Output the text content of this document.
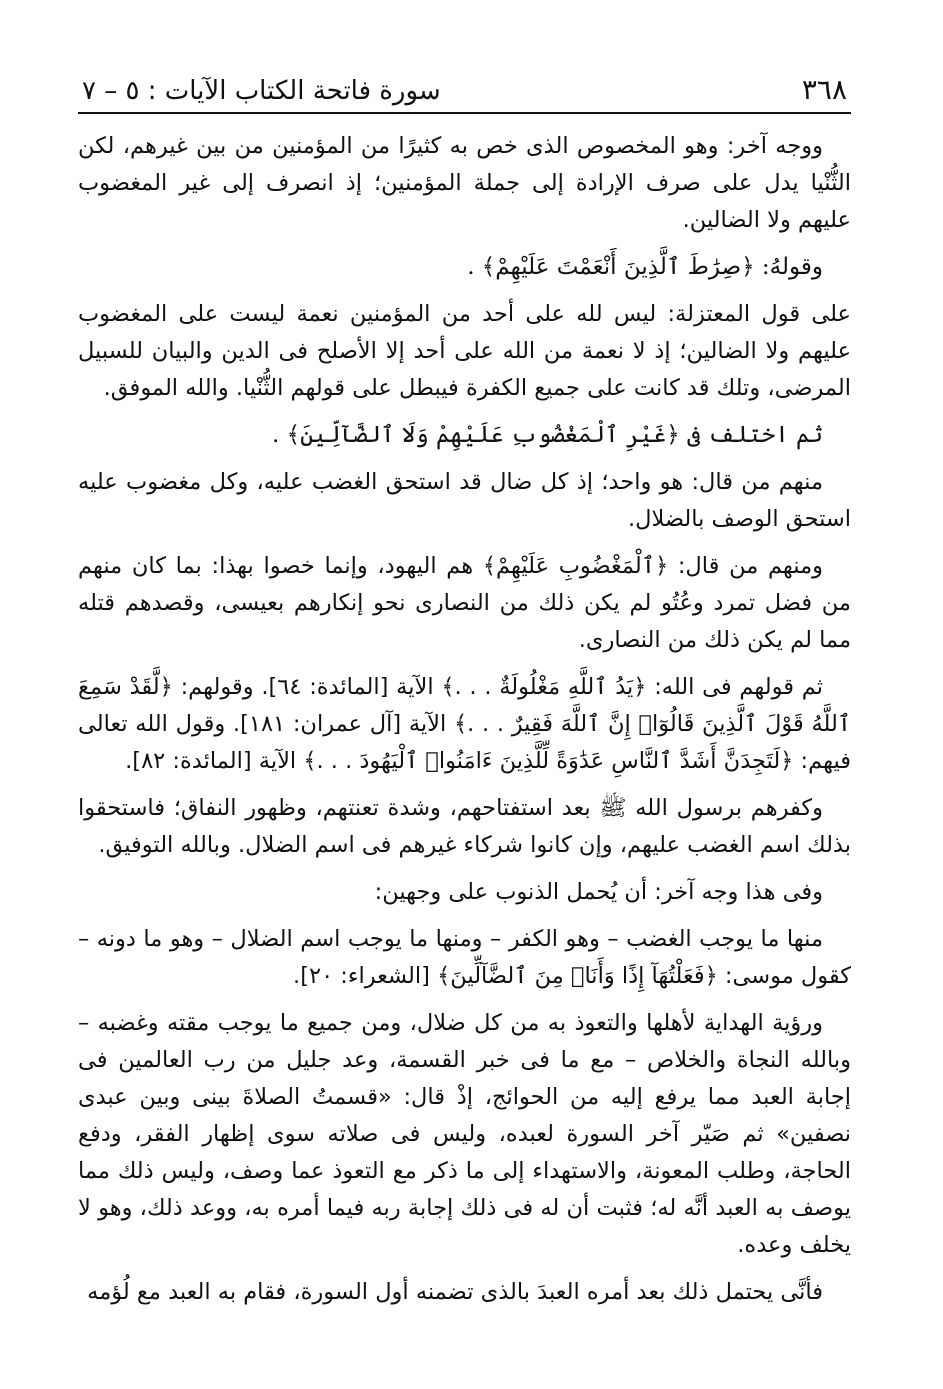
٣٦٨
سورة فاتحة الكتاب الآيات : ٥ – ٧

ووجه آخر: وهو المخصوص الذى خص به كثيرًا من المؤمنين من بين غيرهم، لكن الثُّنْيا يدل على صرف الإرادة إلى جملة المؤمنين؛ إذ انصرف إلى غير المغضوب عليهم ولا الضالين.

وقولهُ: ﴿صِرَٰطَ ٱلَّذِينَ أَنْعَمْتَ عَلَيْهِمْ﴾ .

على قول المعتزلة: ليس لله على أحد من المؤمنين نعمة ليست على المغضوب عليهم ولا الضالين؛ إذ لا نعمة من الله على أحد إلا الأصلح فى الدين والبيان للسبيل المرضى، وتلك قد كانت على جميع الكفرة فيبطل على قولهم الثُّنْيا. والله الموفق.

ثم اختلف فى ﴿غَيْرِ ٱلْمَغْضُوبِ عَلَيْهِمْ وَلَا ٱلضَّآلِّينَ﴾ .

منهم من قال: هو واحد؛ إذ كل ضال قد استحق الغضب عليه، وكل مغضوب عليه استحق الوصف بالضلال.

ومنهم من قال: ﴿ٱلْمَغْضُوبِ عَلَيْهِمْ﴾ هم اليهود، وإنما خصوا بهذا: بما كان منهم من فضل تمرد وعُتُو لم يكن ذلك من النصارى نحو إنكارهم بعيسى، وقصدهم قتله مما لم يكن ذلك من النصارى.

ثم قولهم فى الله: ﴿يَدُ ٱللَّهِ مَغْلُولَةٌ . . .﴾ الآية [المائدة: ٦٤]. وقولهم: ﴿لَّقَدْ سَمِعَ ٱللَّهُ قَوْلَ ٱلَّذِينَ قَالُوٓا۟ إِنَّ ٱللَّهَ فَقِيرٌ . . .﴾ الآية [آل عمران: ١٨١]. وقول الله تعالى فيهم: ﴿لَتَجِدَنَّ أَشَدَّ ٱلنَّاسِ عَدَٰوَةً لِّلَّذِينَ ءَامَنُوا۟ ٱلْيَهُودَ . . .﴾ الآية [المائدة: ٨٢].

وكفرهم برسول الله ﷺ بعد استفتاحهم، وشدة تعنتهم، وظهور النفاق؛ فاستحقوا بذلك اسم الغضب عليهم، وإن كانوا شركاء غيرهم فى اسم الضلال. وبالله التوفيق.

وفى هذا وجه آخر: أن يُحمل الذنوب على وجهين:

منها ما يوجب الغضب – وهو الكفر – ومنها ما يوجب اسم الضلال – وهو ما دونه – كقول موسى: ﴿فَعَلْتُهَآ إِذًا وَأَنَا۠ مِنَ ٱلضَّآلِّينَ﴾ [الشعراء: ٢٠].

ورؤية الهداية لأهلها والتعوذ به من كل ضلال، ومن جميع ما يوجب مقته وغضبه – وبالله النجاة والخلاص – مع ما فى خبر القسمة، وعد جليل من رب العالمين فى إجابة العبد مما يرفع إليه من الحوائج، إذْ قال: «قسمتُ الصلاةَ بينى وبين عبدى نصفين» ثم صَيّر آخر السورة لعبده، وليس فى صلاته سوى إظهار الفقر، ودفع الحاجة، وطلب المعونة، والاستهداء إلى ما ذكر مع التعوذ عما وصف، وليس ذلك مما يوصف به العبد أنَّه له؛ فثبت أن له فى ذلك إجابة ربه فيما أمره به، ووعد ذلك، وهو لا يخلف وعده.

فأنَّى يحتمل ذلك بعد أمره العبدَ بالذى تضمنه أول السورة، فقام به العبد مع لُؤمه
